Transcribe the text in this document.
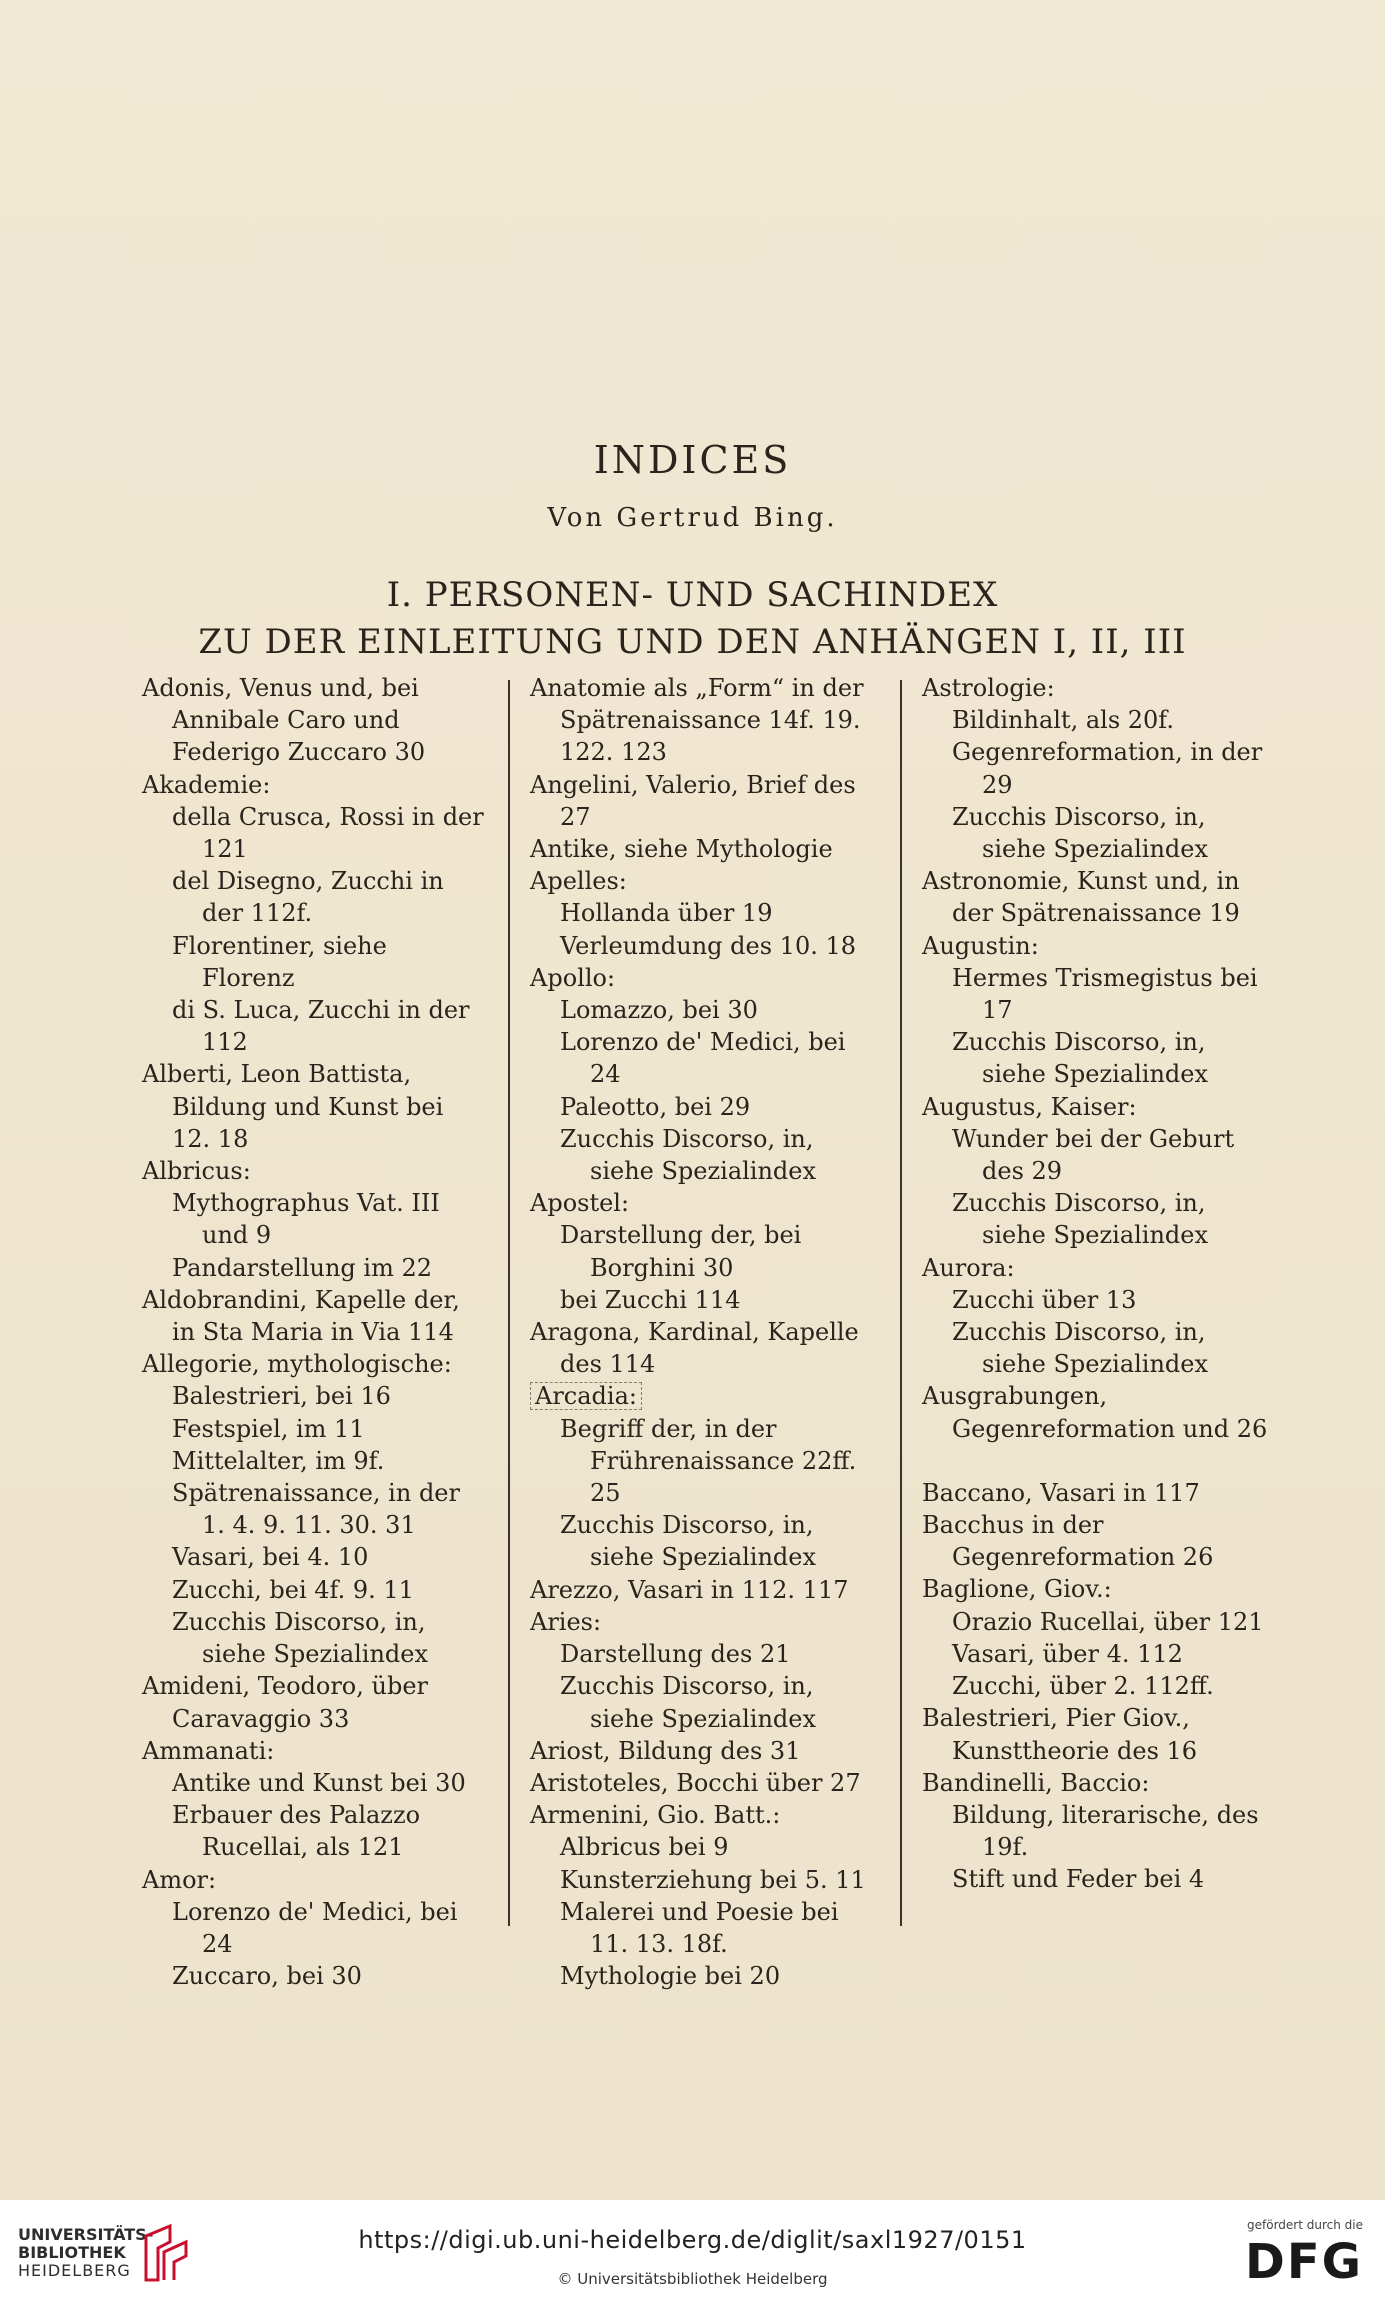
INDICES
Von Gertrud Bing.
I. PERSONEN- UND SACHINDEX
ZU DER EINLEITUNG UND DEN ANHÄNGEN I, II, III
Adonis, Venus und, bei Annibale Caro und Federigo Zuccaro 30
Akademie:
della Crusca, Rossi in der 121
del Disegno, Zucchi in der 112f.
Florentiner, siehe Florenz
di S. Luca, Zucchi in der 112
Alberti, Leon Battista, Bildung und Kunst bei 12. 18
Albricus:
Mythographus Vat. III und 9
Pandarstellung im 22
Aldobrandini, Kapelle der, in Sta Maria in Via 114
Allegorie, mythologische:
Balestrieri, bei 16
Festspiel, im 11
Mittelalter, im 9f.
Spätrenaissance, in der 1. 4. 9. 11. 30. 31
Vasari, bei 4. 10
Zucchi, bei 4f. 9. 11
Zucchis Discorso, in, siehe Spezialindex
Amideni, Teodoro, über Caravaggio 33
Ammanati:
Antike und Kunst bei 30
Erbauer des Palazzo Rucellai, als 121
Amor:
Lorenzo de' Medici, bei 24
Zuccaro, bei 30
Anatomie als „Form“ in der Spätrenaissance 14f. 19. 122. 123
Angelini, Valerio, Brief des 27
Antike, siehe Mythologie
Apelles:
Hollanda über 19
Verleumdung des 10. 18
Apollo:
Lomazzo, bei 30
Lorenzo de' Medici, bei 24
Paleotto, bei 29
Zucchis Discorso, in, siehe Spezialindex
Apostel:
Darstellung der, bei Borghini 30
bei Zucchi 114
Aragona, Kardinal, Kapelle des 114
Arcadia:
Begriff der, in der Frührenaissance 22ff. 25
Zucchis Discorso, in, siehe Spezialindex
Arezzo, Vasari in 112. 117
Aries:
Darstellung des 21
Zucchis Discorso, in, siehe Spezialindex
Ariost, Bildung des 31
Aristoteles, Bocchi über 27
Armenini, Gio. Batt.:
Albricus bei 9
Kunsterziehung bei 5. 11
Malerei und Poesie bei 11. 13. 18f.
Mythologie bei 20
Astrologie:
Bildinhalt, als 20f.
Gegenreformation, in der 29
Zucchis Discorso, in, siehe Spezialindex
Astronomie, Kunst und, in der Spätrenaissance 19
Augustin:
Hermes Trismegistus bei 17
Zucchis Discorso, in, siehe Spezialindex
Augustus, Kaiser:
Wunder bei der Geburt des 29
Zucchis Discorso, in, siehe Spezialindex
Aurora:
Zucchi über 13
Zucchis Discorso, in, siehe Spezialindex
Ausgrabungen, Gegenreformation und 26
Baccano, Vasari in 117
Bacchus in der Gegenreformation 26
Baglione, Giov.:
Orazio Rucellai, über 121
Vasari, über 4. 112
Zucchi, über 2. 112ff.
Balestrieri, Pier Giov., Kunsttheorie des 16
Bandinelli, Baccio:
Bildung, literarische, des 19f.
Stift und Feder bei 4
UNIVERSITÄTS-
BIBLIOTHEK
HEIDELBERG
https://digi.ub.uni-heidelberg.de/diglit/saxl1927/0151
© Universitätsbibliothek Heidelberg
gefördert durch die
DFG
